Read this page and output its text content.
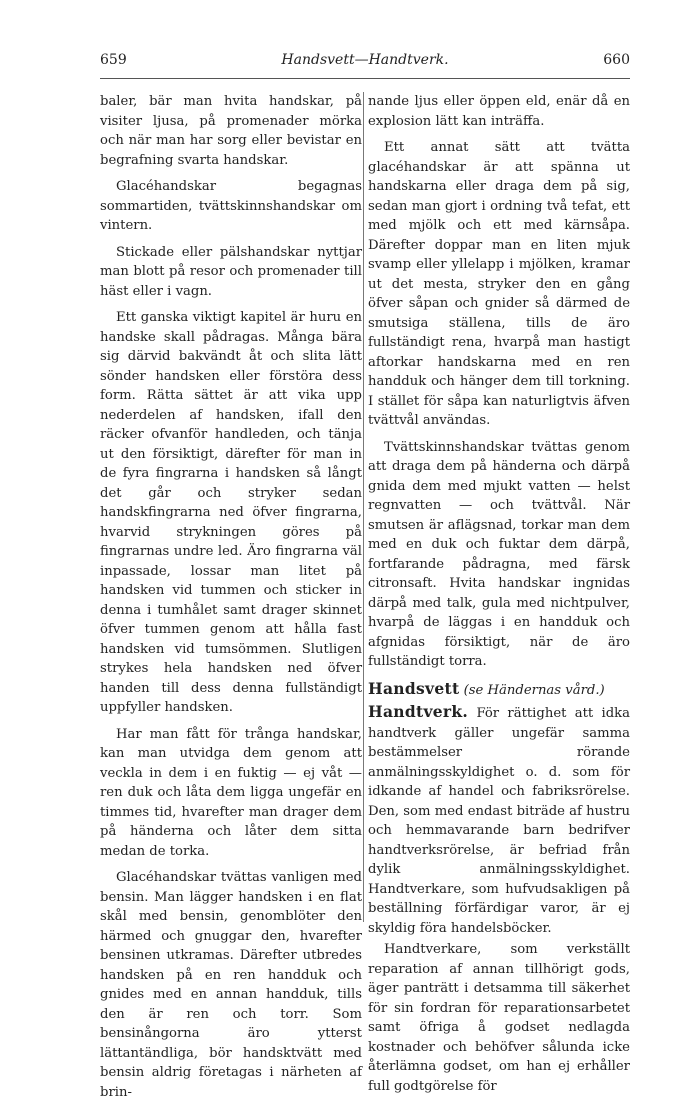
659	Handsvett—Handtverk.	660

baler, bär man hvita handskar, på visiter ljusa, på promenader mörka och när man har sorg eller bevistar en begrafning svarta handskar.

Glacéhandskar begagnas sommartiden, tvättskinnshandskar om vintern.

Stickade eller pälshandskar nyttjar man blott på resor och promenader till häst eller i vagn.

Ett ganska viktigt kapitel är huru en handske skall pådragas. Många bära sig därvid bakvändt åt och slita lätt sönder handsken eller förstöra dess form. Rätta sättet är att vika upp nederdelen af handsken, ifall den räcker ofvanför handleden, och tänja ut den försiktigt, därefter för man in de fyra fingrarna i handsken så långt det går och stryker sedan handskfingrarna ned öfver fingrarna, hvarvid strykningen göres på fingrarnas undre led. Äro fingrarna väl inpassade, lossar man litet på handsken vid tummen och sticker in denna i tumhålet samt drager skinnet öfver tummen genom att hålla fast handsken vid tumsömmen. Slutligen strykes hela handsken ned öfver handen till dess denna fullständigt uppfyller handsken.

Har man fått för trånga handskar, kan man utvidga dem genom att veckla in dem i en fuktig — ej våt — ren duk och låta dem ligga ungefär en timmes tid, hvarefter man drager dem på händerna och låter dem sitta medan de torka.

Glacéhandskar tvättas vanligen med bensin. Man lägger handsken i en flat skål med bensin, genomblöter den härmed och gnuggar den, hvarefter bensinen utkramas. Därefter utbredes handsken på en ren handduk och gnides med en annan handduk, tills den är ren och torr. Som bensinångorna äro ytterst lättantändliga, bör handsktvätt med bensin aldrig företagas i närheten af brin-

nande ljus eller öppen eld, enär då en explosion lätt kan inträffa.

Ett annat sätt att tvätta glacéhandskar är att spänna ut handskarna eller draga dem på sig, sedan man gjort i ordning två tefat, ett med mjölk och ett med kärnsåpa. Därefter doppar man en liten mjuk svamp eller yllelapp i mjölken, kramar ut det mesta, stryker den en gång öfver såpan och gnider så därmed de smutsiga ställena, tills de äro fullständigt rena, hvarpå man hastigt aftorkar handskarna med en ren handduk och hänger dem till torkning. I stället för såpa kan naturligtvis äfven tvättvål användas.

Tvättskinnshandskar tvättas genom att draga dem på händerna och därpå gnida dem med mjukt vatten — helst regnvatten — och tvättvål. När smutsen är aflägsnad, torkar man dem med en duk och fuktar dem därpå, fortfarande pådragna, med färsk citronsaft. Hvita handskar ingnidas därpå med talk, gula med nichtpulver, hvarpå de läggas i en handduk och afgnidas försiktigt, när de äro fullständigt torra.

Handsvett (se Händernas vård.)

Handtverk. För rättighet att idka handtverk gäller ungefär samma bestämmelser rörande anmälningsskyldighet o. d. som för idkande af handel och fabriksrörelse. Den, som med endast biträde af hustru och hemmavarande barn bedrifver handtverksrörelse, är befriad från dylik anmälningsskyldighet. Handtverkare, som hufvudsakligen på beställning förfärdigar varor, är ej skyldig föra handelsböcker.

Handtverkare, som verkställt reparation af annan tillhörigt gods, äger panträtt i detsamma till säkerhet för sin fordran för reparationsarbetet samt öfriga å godset nedlagda kostnader och behöfver sålunda icke återlämna godset, om han ej erhåller full godtgörelse för
